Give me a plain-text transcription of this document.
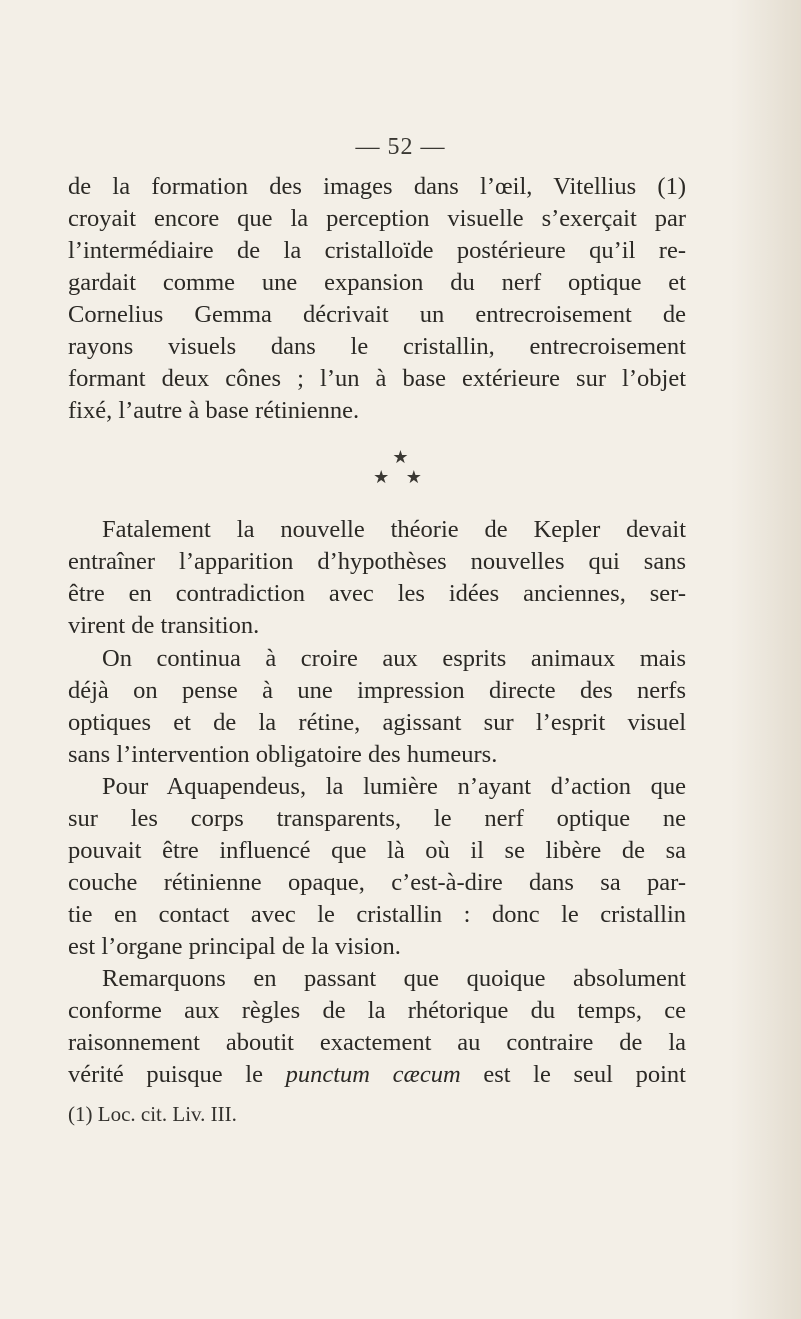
— 52 —
de la formation des images dans l’œil, Vitellius (1)
croyait encore que la perception visuelle s’exerçait par
l’intermédiaire de la cristalloïde postérieure qu’il re-
gardait comme une expansion du nerf optique et
Cornelius Gemma décrivait un entrecroisement de
rayons visuels dans le cristallin, entrecroisement
formant deux cônes ; l’un à base extérieure sur l’objet
fixé, l’autre à base rétinienne.
★
★ ★
Fatalement la nouvelle théorie de Kepler devait
entraîner l’apparition d’hypothèses nouvelles qui sans
être en contradiction avec les idées anciennes, ser-
virent de transition.
On continua à croire aux esprits animaux mais
déjà on pense à une impression directe des nerfs
optiques et de la rétine, agissant sur l’esprit visuel
sans l’intervention obligatoire des humeurs.
Pour Aquapendeus, la lumière n’ayant d’action que
sur les corps transparents, le nerf optique ne
pouvait être influencé que là où il se libère de sa
couche rétinienne opaque, c’est-à-dire dans sa par-
tie en contact avec le cristallin : donc le cristallin
est l’organe principal de la vision.
Remarquons en passant que quoique absolument
conforme aux règles de la rhétorique du temps, ce
raisonnement aboutit exactement au contraire de la
vérité puisque le punctum cæcum est le seul point
(1) Loc. cit. Liv. III.
